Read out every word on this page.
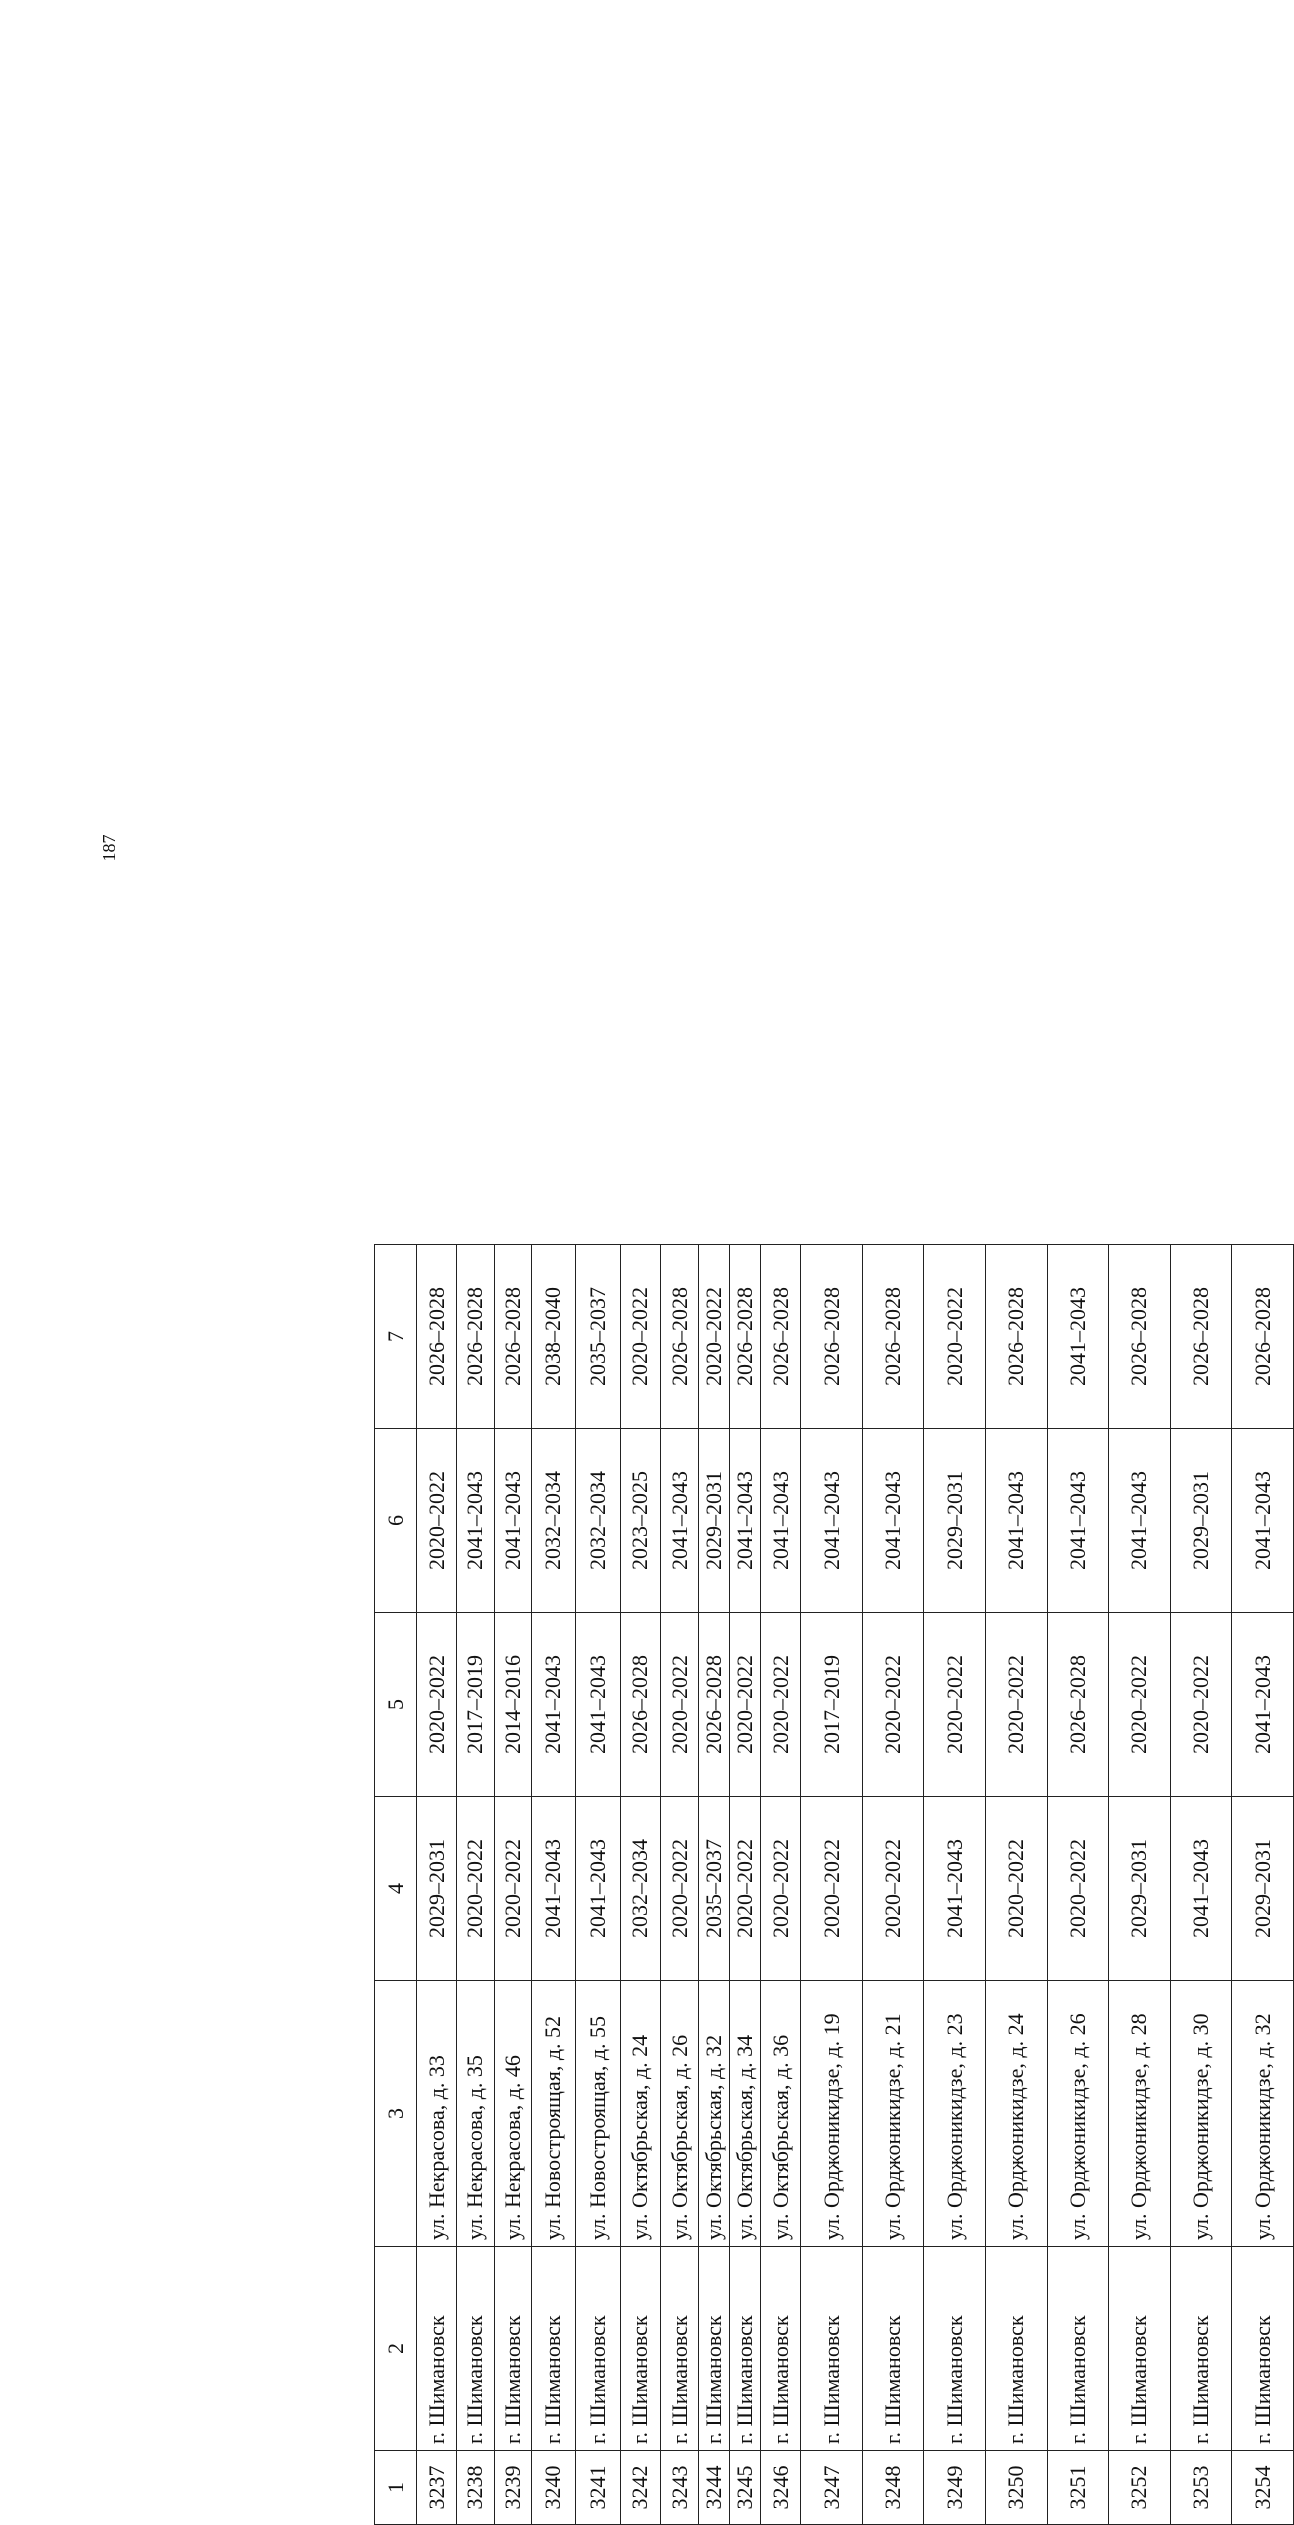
187
1	2	3	4	5	6	7
3237	г. Шимановск	ул. Некрасова, д. 33	2029–2031	2020–2022	2020–2022	2026–2028
3238	г. Шимановск	ул. Некрасова, д. 35	2020–2022	2017–2019	2041–2043	2026–2028
3239	г. Шимановск	ул. Некрасова, д. 46	2020–2022	2014–2016	2041–2043	2026–2028
3240	г. Шимановск	ул. Новостроящая, д. 52	2041–2043	2041–2043	2032–2034	2038–2040
3241	г. Шимановск	ул. Новостроящая, д. 55	2041–2043	2041–2043	2032–2034	2035–2037
3242	г. Шимановск	ул. Октябрьская, д. 24	2032–2034	2026–2028	2023–2025	2020–2022
3243	г. Шимановск	ул. Октябрьская, д. 26	2020–2022	2020–2022	2041–2043	2026–2028
3244	г. Шимановск	ул. Октябрьская, д. 32	2035–2037	2026–2028	2029–2031	2020–2022
3245	г. Шимановск	ул. Октябрьская, д. 34	2020–2022	2020–2022	2041–2043	2026–2028
3246	г. Шимановск	ул. Октябрьская, д. 36	2020–2022	2020–2022	2041–2043	2026–2028
3247	г. Шимановск	ул. Орджоникидзе, д. 19	2020–2022	2017–2019	2041–2043	2026–2028
3248	г. Шимановск	ул. Орджоникидзе, д. 21	2020–2022	2020–2022	2041–2043	2026–2028
3249	г. Шимановск	ул. Орджоникидзе, д. 23	2041–2043	2020–2022	2029–2031	2020–2022
3250	г. Шимановск	ул. Орджоникидзе, д. 24	2020–2022	2020–2022	2041–2043	2026–2028
3251	г. Шимановск	ул. Орджоникидзе, д. 26	2020–2022	2026–2028	2041–2043	2041–2043
3252	г. Шимановск	ул. Орджоникидзе, д. 28	2029–2031	2020–2022	2041–2043	2026–2028
3253	г. Шимановск	ул. Орджоникидзе, д. 30	2041–2043	2020–2022	2029–2031	2026–2028
3254	г. Шимановск	ул. Орджоникидзе, д. 32	2029–2031	2041–2043	2041–2043	2026–2028
